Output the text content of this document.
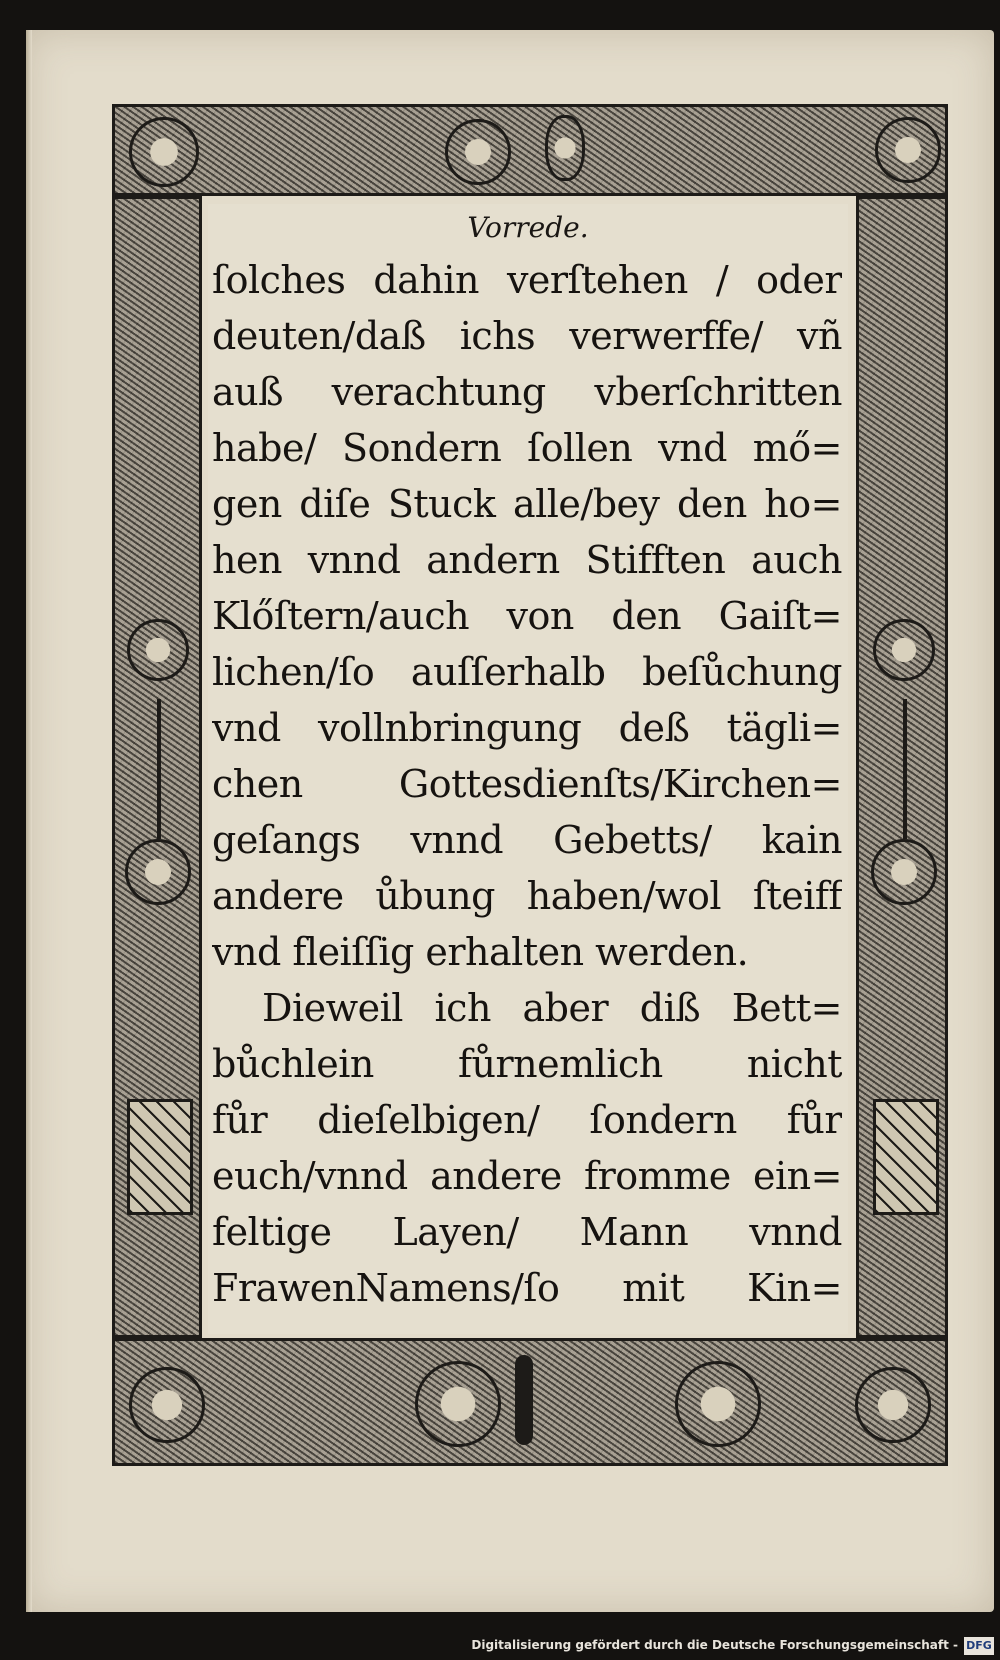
Vorrede.
ſolches dahin verſtehen / oder
deuten/daß ichs verwerffe/ vñ
auß verachtung vberſchritten
habe/ Sondern ſollen vnd mő=
gen diſe Stuck alle/bey den ho=
hen vnnd andern Stifften auch
Klőſtern/auch von den Gaiſt=
lichen/ſo auſſerhalb beſůchung
vnd vollnbringung deß tägli=
chen Gottesdienſts/Kirchen=
geſangs vnnd Gebetts/ kain
andere ůbung haben/wol ſteiff
vnd fleiſſig erhalten werden.
Dieweil ich aber diß Bett=
bůchlein fůrnemlich nicht
fůr dieſelbigen/ ſondern fůr
euch/vnnd andere fromme ein=
feltige Layen/ Mann vnnd
FrawenNamens/ſo mit Kin=
Digitalisierung gefördert durch die Deutsche Forschungsgemeinschaft - DFG
